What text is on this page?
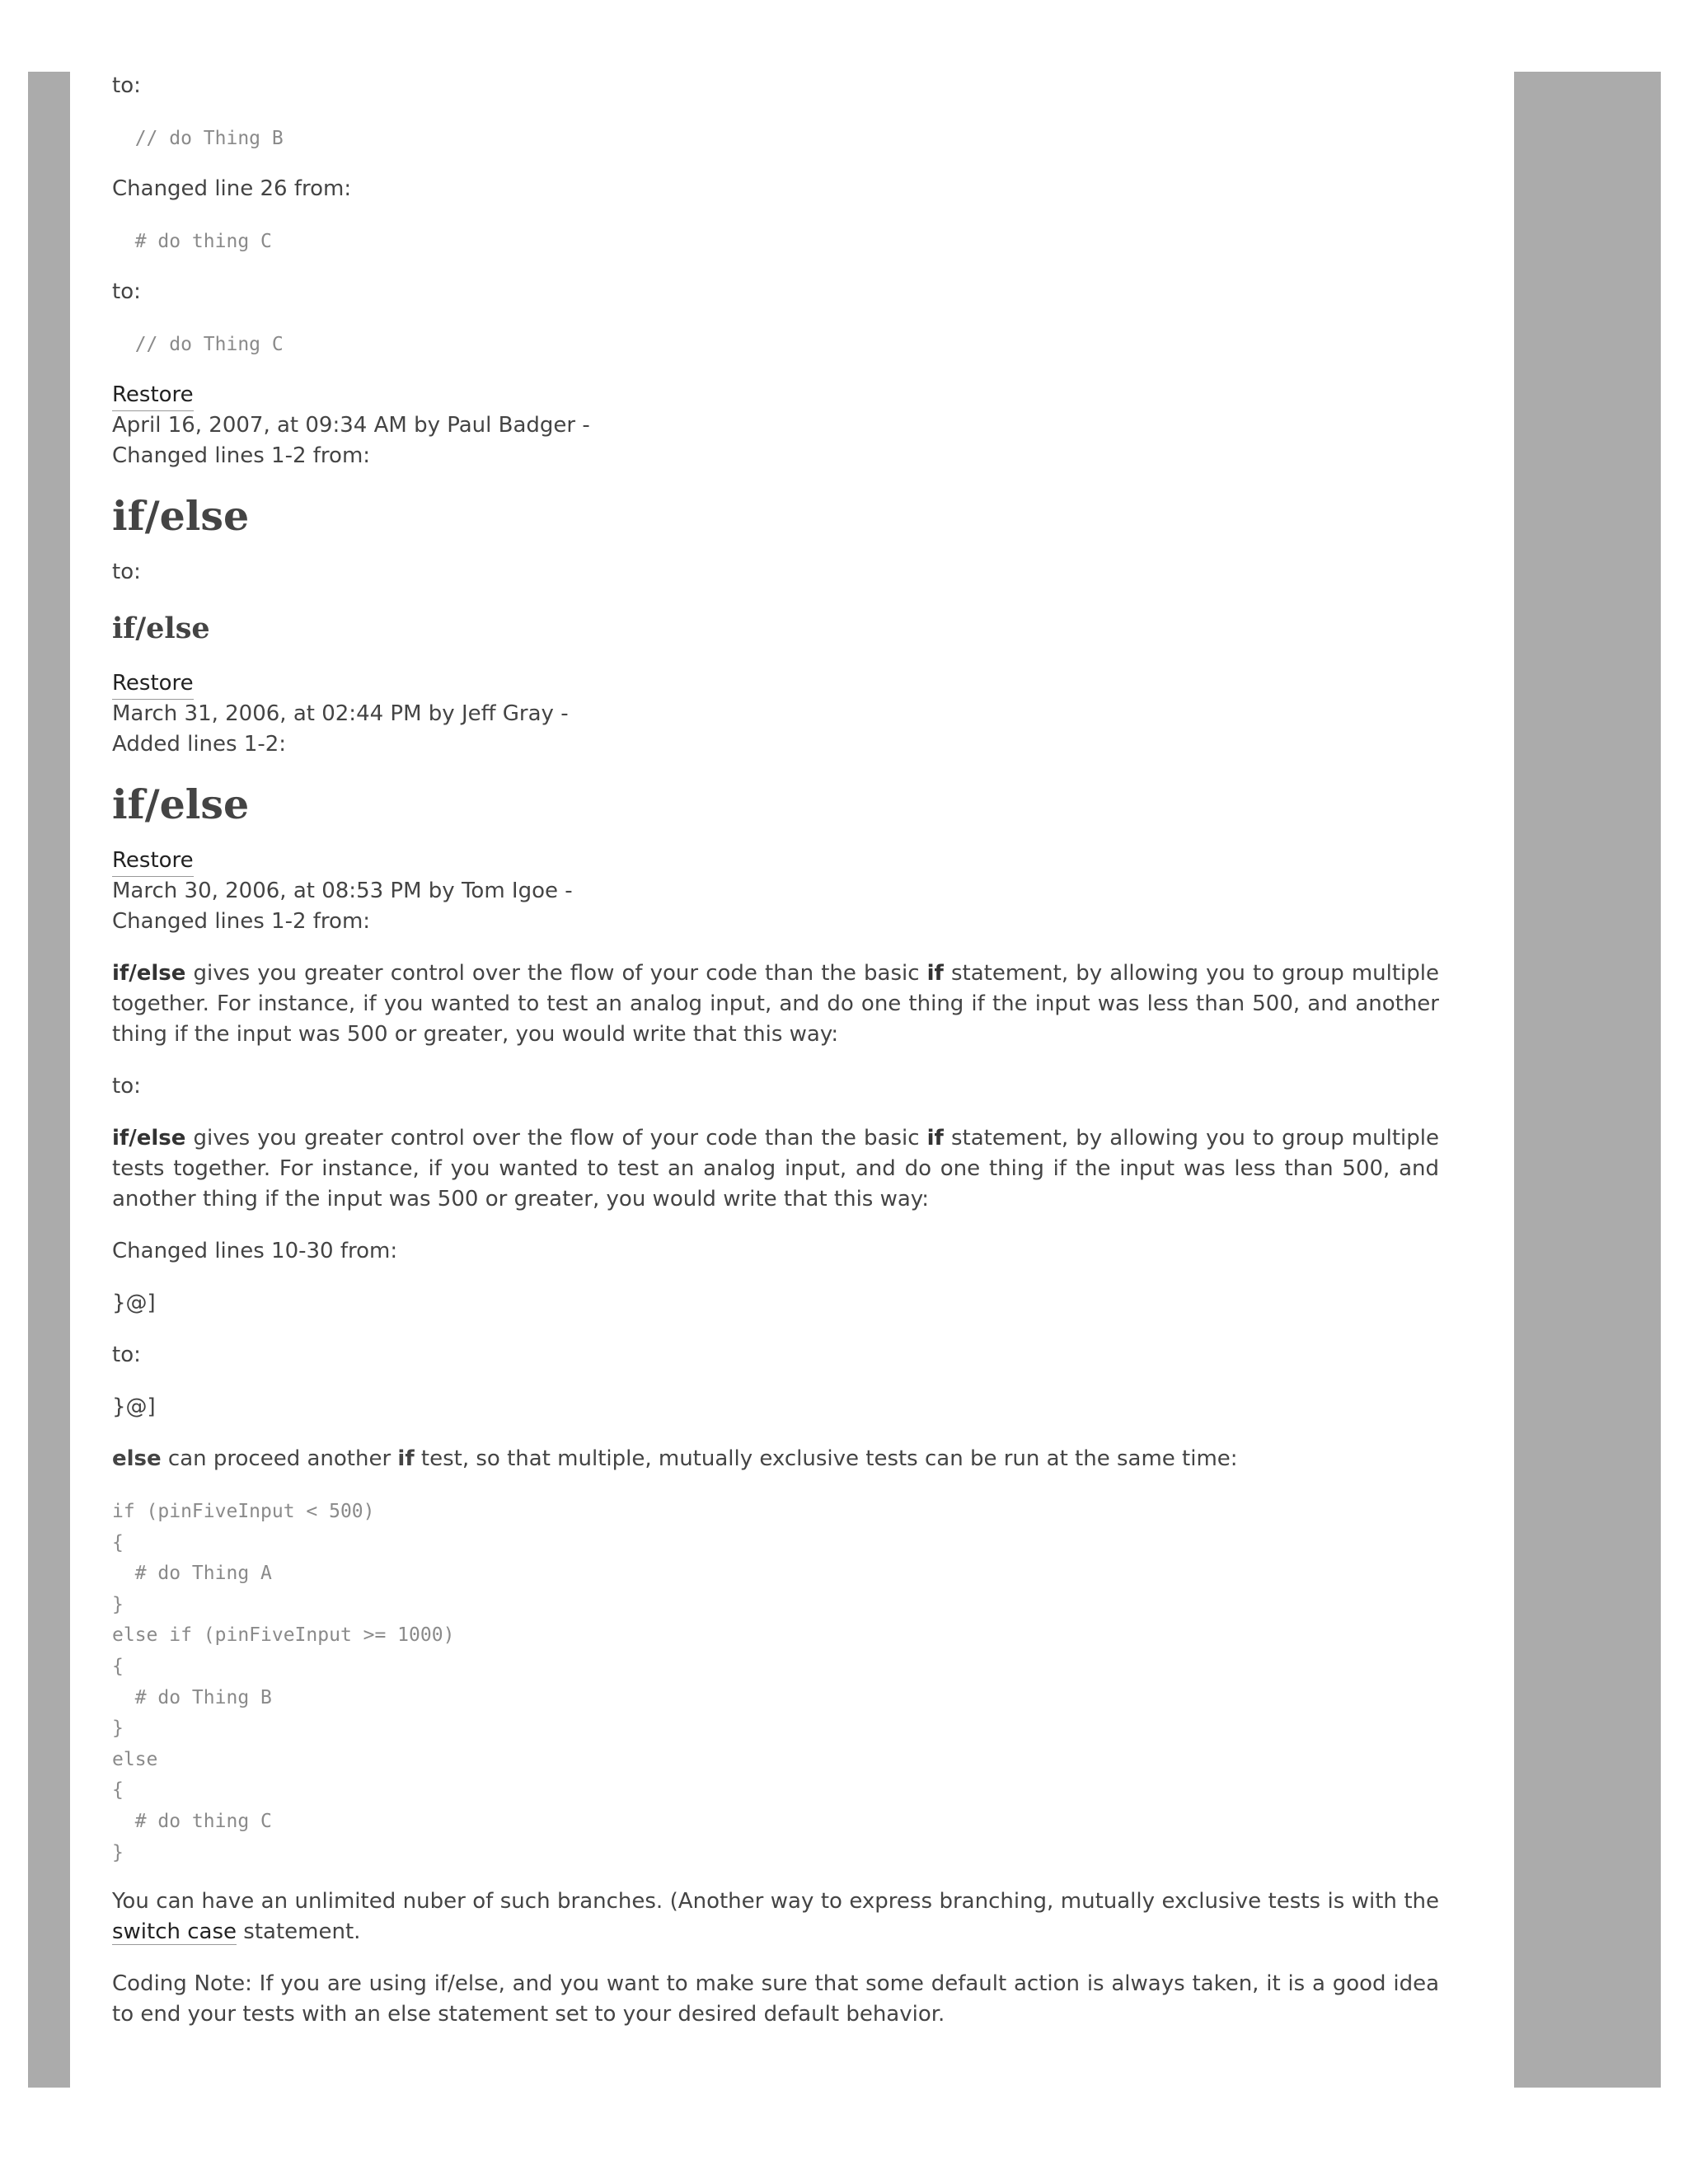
to:
// do Thing B
Changed line 26 from:
# do thing C
to:
// do Thing C
Restore
April 16, 2007, at 09:34 AM by Paul Badger -
Changed lines 1-2 from:
if/else
to:
if/else
Restore
March 31, 2006, at 02:44 PM by Jeff Gray -
Added lines 1-2:
if/else
Restore
March 30, 2006, at 08:53 PM by Tom Igoe -
Changed lines 1-2 from:

if/else gives you greater control over the flow of your code than the basic if statement, by allowing you to group multiple together. For instance, if you wanted to test an analog input, and do one thing if the input was less than 500, and another thing if the input was 500 or greater, you would write that this way:

to:

if/else gives you greater control over the flow of your code than the basic if statement, by allowing you to group multiple tests together. For instance, if you wanted to test an analog input, and do one thing if the input was less than 500, and another thing if the input was 500 or greater, you would write that this way:

Changed lines 10-30 from:
}@]
to:
}@]
else can proceed another if test, so that multiple, mutually exclusive tests can be run at the same time:
if (pinFiveInput < 500)
{
# do Thing A
}
else if (pinFiveInput >= 1000)
{
# do Thing B
}
else
{
# do thing C
}

You can have an unlimited nuber of such branches. (Another way to express branching, mutually exclusive tests is with the switch case statement.

Coding Note: If you are using if/else, and you want to make sure that some default action is always taken, it is a good idea to end your tests with an else statement set to your desired default behavior.
